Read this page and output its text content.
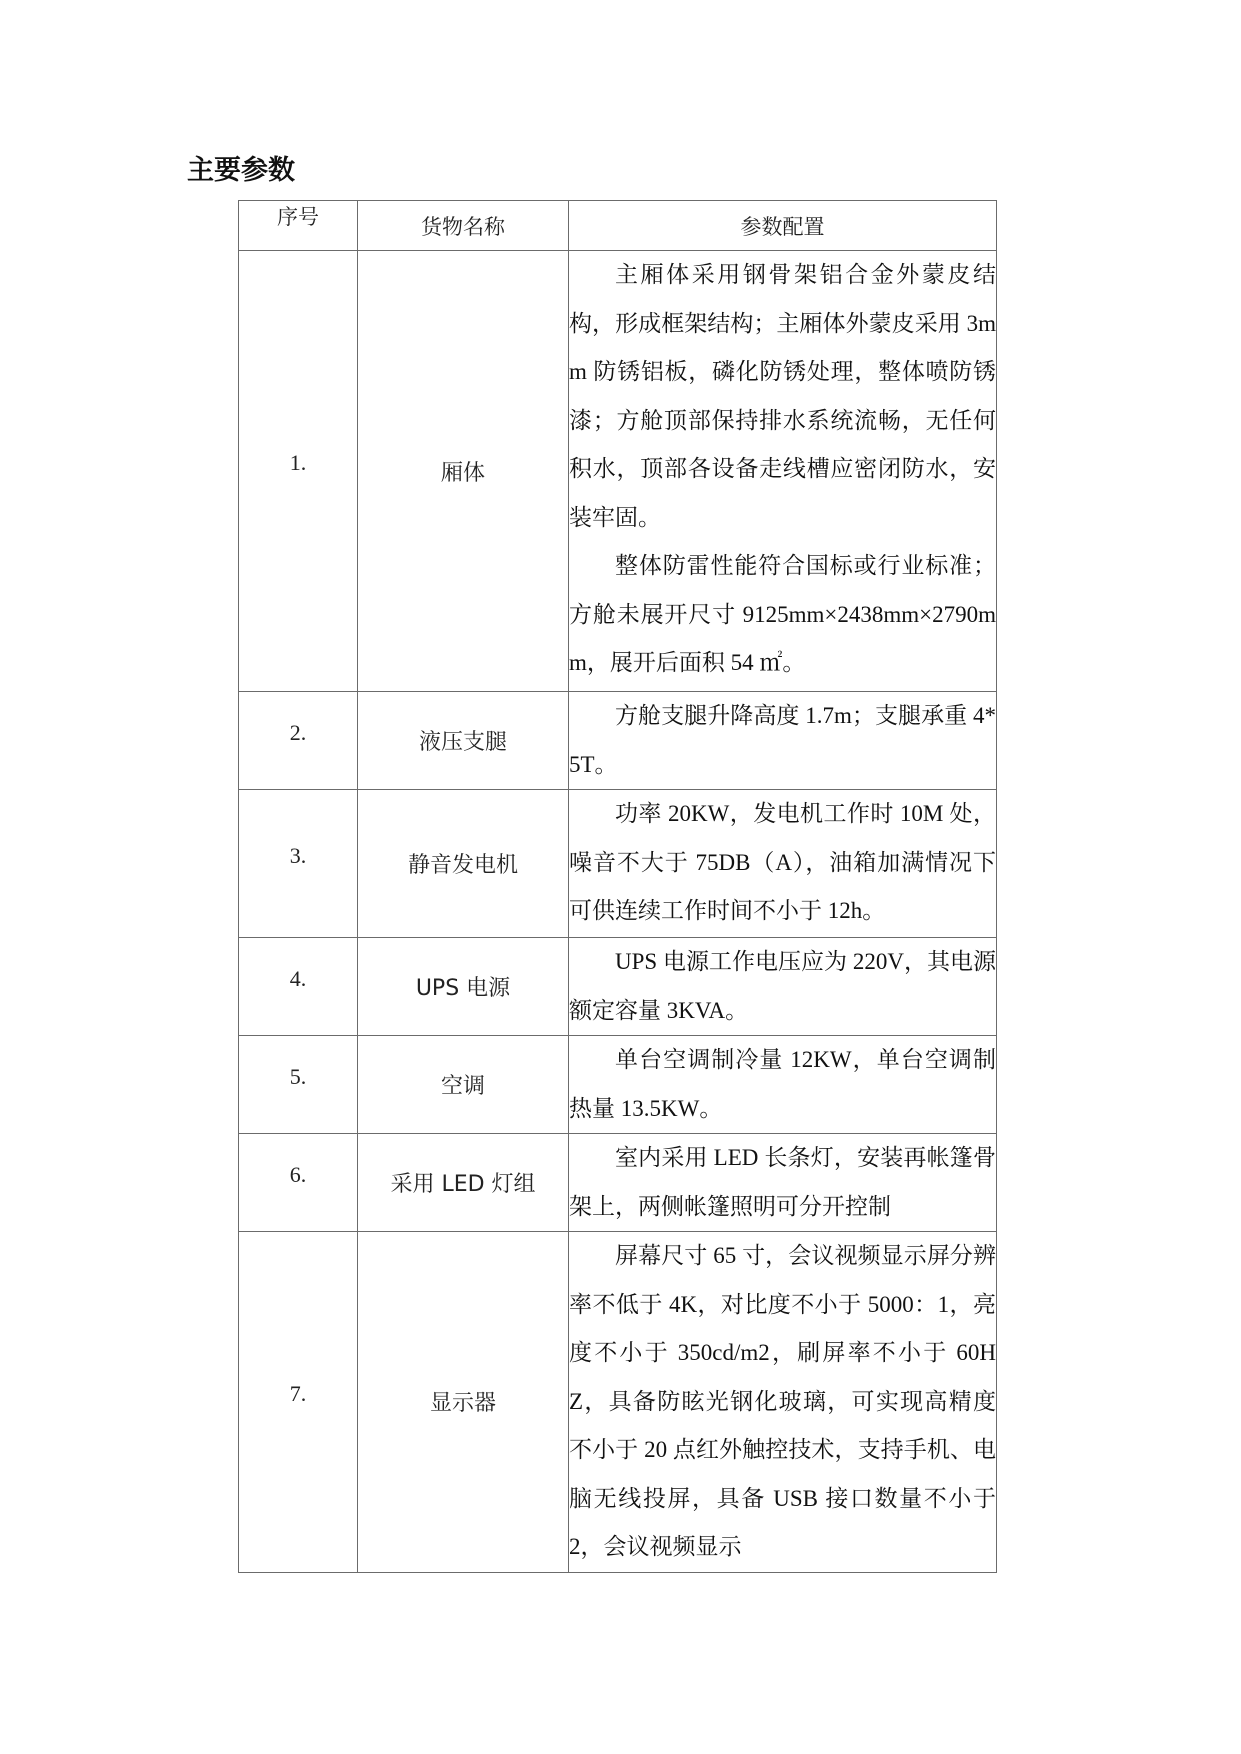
主要参数
序号	货物名称	参数配置
1.	厢体	主厢体采用钢骨架铝合金外蒙皮结构，形成框架结构；主厢体外蒙皮采用 3mm 防锈铝板，磷化防锈处理，整体喷防锈漆；方舱顶部保持排水系统流畅，无任何积水，顶部各设备走线槽应密闭防水，安装牢固。

整体防雷性能符合国标或行业标准；方舱未展开尺寸 9125mm×2438mm×2790mm，展开后面积 54 ㎡。

2.	液压支腿	方舱支腿升降高度 1.7m；支腿承重 4*5T。

3.	静音发电机	功率 20KW，发电机工作时 10M 处，噪音不大于 75DB（A），油箱加满情况下可供连续工作时间不小于 12h。

4.	UPS 电源	UPS 电源工作电压应为 220V，其电源额定容量 3KVA。

5.	空调	单台空调制冷量 12KW，单台空调制热量 13.5KW。

6.	采用 LED 灯组	室内采用 LED 长条灯，安装再帐篷骨架上，两侧帐篷照明可分开控制

7.	显示器	屏幕尺寸 65 寸，会议视频显示屏分辨率不低于 4K，对比度不小于 5000：1，亮度不小于 350cd/m2，刷屏率不小于 60HZ，具备防眩光钢化玻璃，可实现高精度不小于 20 点红外触控技术，支持手机、电脑无线投屏，具备 USB 接口数量不小于 2，会议视频显示
